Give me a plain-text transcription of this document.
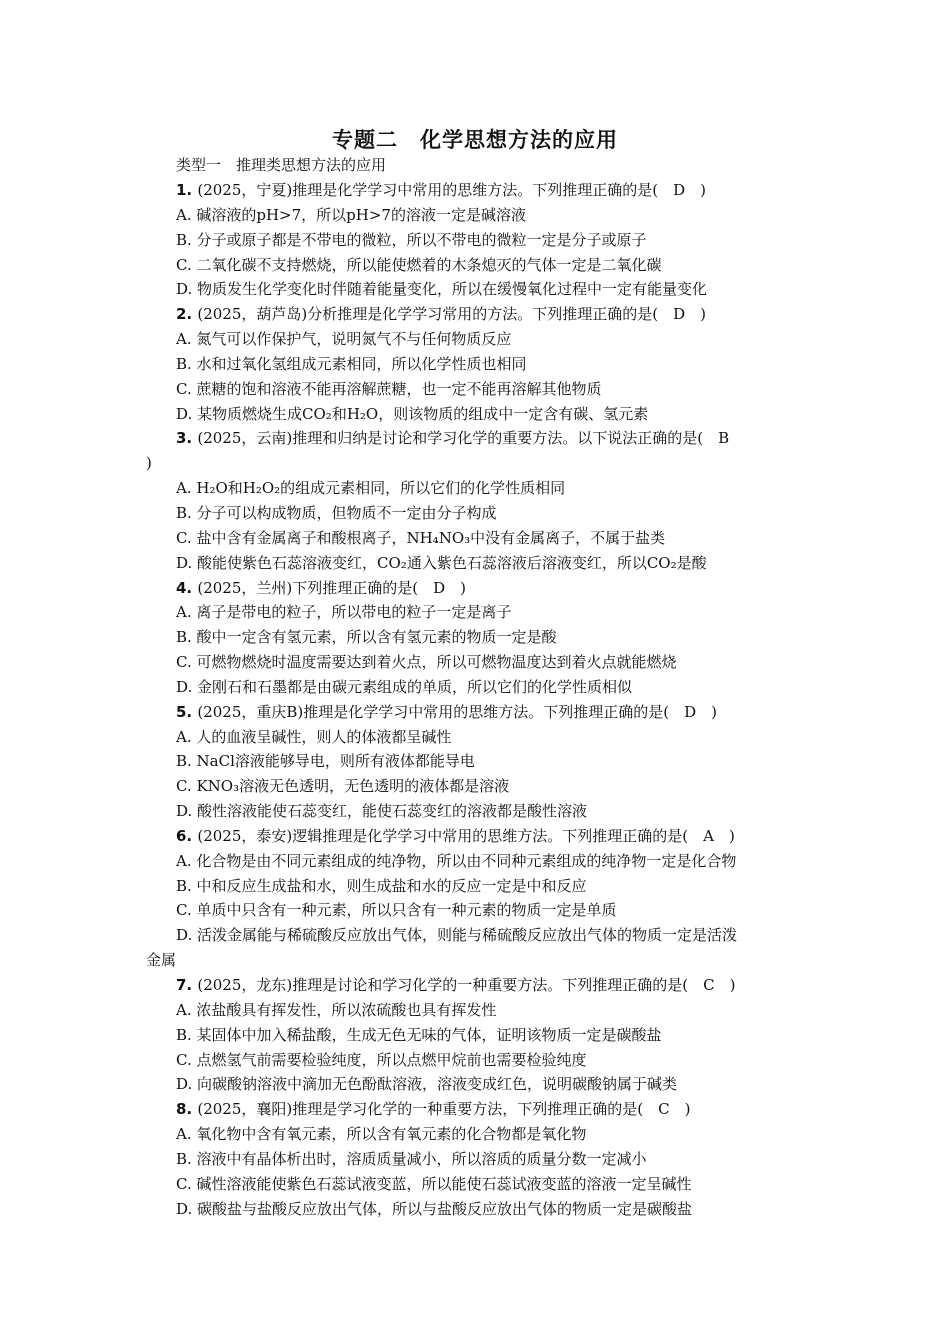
专题二　化学思想方法的应用
类型一　推理类思想方法的应用
1. (2025，宁夏)推理是化学学习中常用的思维方法。下列推理正确的是( D )
A. 碱溶液的pH>7，所以pH>7的溶液一定是碱溶液
B. 分子或原子都是不带电的微粒，所以不带电的微粒一定是分子或原子
C. 二氧化碳不支持燃烧，所以能使燃着的木条熄灭的气体一定是二氧化碳
D. 物质发生化学变化时伴随着能量变化，所以在缓慢氧化过程中一定有能量变化
2. (2025，葫芦岛)分析推理是化学学习常用的方法。下列推理正确的是( D )
A. 氮气可以作保护气，说明氮气不与任何物质反应
B. 水和过氧化氢组成元素相同，所以化学性质也相同
C. 蔗糖的饱和溶液不能再溶解蔗糖，也一定不能再溶解其他物质
D. 某物质燃烧生成CO₂和H₂O，则该物质的组成中一定含有碳、氢元素
3. (2025，云南)推理和归纳是讨论和学习化学的重要方法。以下说法正确的是( B 
)
A. H₂O和H₂O₂的组成元素相同，所以它们的化学性质相同
B. 分子可以构成物质，但物质不一定由分子构成
C. 盐中含有金属离子和酸根离子，NH₄NO₃中没有金属离子，不属于盐类
D. 酸能使紫色石蕊溶液变红，CO₂通入紫色石蕊溶液后溶液变红，所以CO₂是酸
4. (2025，兰州)下列推理正确的是( D )
A. 离子是带电的粒子，所以带电的粒子一定是离子
B. 酸中一定含有氢元素，所以含有氢元素的物质一定是酸
C. 可燃物燃烧时温度需要达到着火点，所以可燃物温度达到着火点就能燃烧
D. 金刚石和石墨都是由碳元素组成的单质，所以它们的化学性质相似
5. (2025，重庆B)推理是化学学习中常用的思维方法。下列推理正确的是( D )
A. 人的血液呈碱性，则人的体液都呈碱性
B. NaCl溶液能够导电，则所有液体都能导电
C. KNO₃溶液无色透明，无色透明的液体都是溶液
D. 酸性溶液能使石蕊变红，能使石蕊变红的溶液都是酸性溶液
6. (2025，泰安)逻辑推理是化学学习中常用的思维方法。下列推理正确的是( A )
A. 化合物是由不同元素组成的纯净物，所以由不同种元素组成的纯净物一定是化合物
B. 中和反应生成盐和水，则生成盐和水的反应一定是中和反应
C. 单质中只含有一种元素，所以只含有一种元素的物质一定是单质
D. 活泼金属能与稀硫酸反应放出气体，则能与稀硫酸反应放出气体的物质一定是活泼
金属
7. (2025，龙东)推理是讨论和学习化学的一种重要方法。下列推理正确的是( C )
A. 浓盐酸具有挥发性，所以浓硫酸也具有挥发性
B. 某固体中加入稀盐酸，生成无色无味的气体，证明该物质一定是碳酸盐
C. 点燃氢气前需要检验纯度，所以点燃甲烷前也需要检验纯度
D. 向碳酸钠溶液中滴加无色酚酞溶液，溶液变成红色，说明碳酸钠属于碱类
8. (2025，襄阳)推理是学习化学的一种重要方法，下列推理正确的是( C )
A. 氧化物中含有氧元素，所以含有氧元素的化合物都是氧化物
B. 溶液中有晶体析出时，溶质质量减小，所以溶质的质量分数一定减小
C. 碱性溶液能使紫色石蕊试液变蓝，所以能使石蕊试液变蓝的溶液一定呈碱性
D. 碳酸盐与盐酸反应放出气体，所以与盐酸反应放出气体的物质一定是碳酸盐
